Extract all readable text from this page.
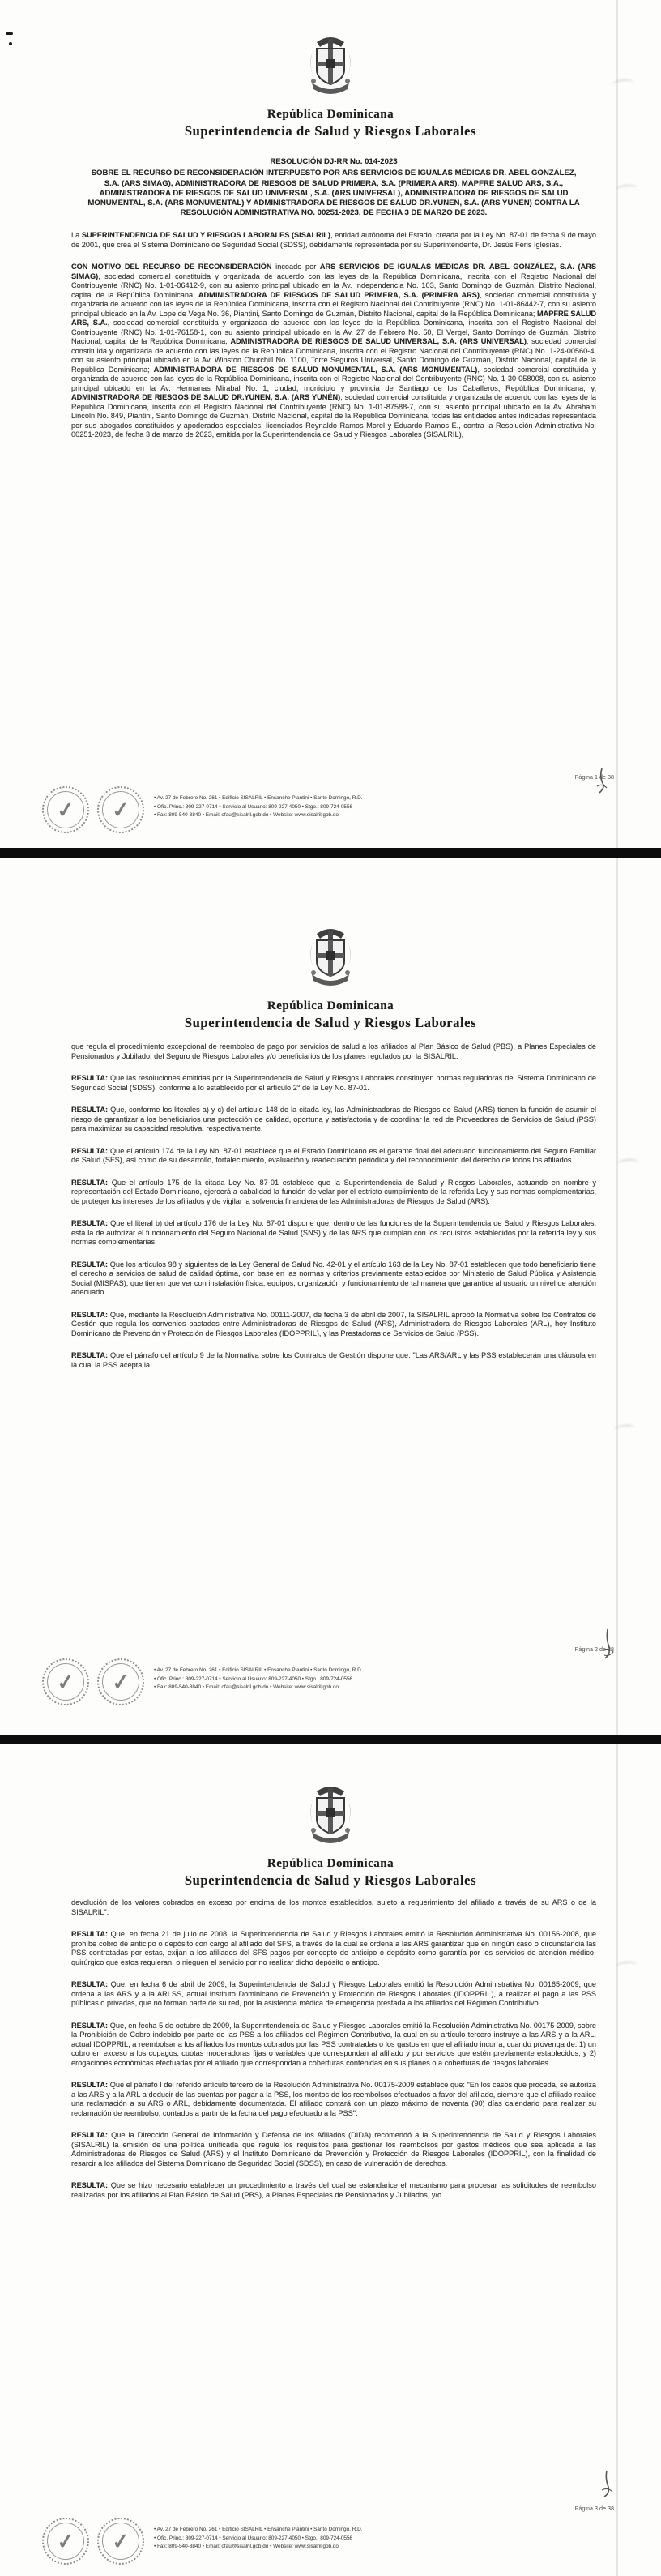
República Dominicana
Superintendencia de Salud y Riesgos Laborales

RESOLUCIÓN DJ-RR No. 014-2023

SOBRE EL RECURSO DE RECONSIDERACIÓN INTERPUESTO POR ARS SERVICIOS DE IGUALAS MÉDICAS DR. ABEL GONZÁLEZ, S.A. (ARS SIMAG), ADMINISTRADORA DE RIESGOS DE SALUD PRIMERA, S.A. (PRIMERA ARS), MAPFRE SALUD ARS, S.A., ADMINISTRADORA DE RIESGOS DE SALUD UNIVERSAL, S.A. (ARS UNIVERSAL), ADMINISTRADORA DE RIESGOS DE SALUD MONUMENTAL, S.A. (ARS MONUMENTAL) Y ADMINISTRADORA DE RIESGOS DE SALUD DR.YUNEN, S.A. (ARS YUNÉN) CONTRA LA RESOLUCIÓN ADMINISTRATIVA NO. 00251-2023, DE FECHA 3 DE MARZO DE 2023.

La SUPERINTENDENCIA DE SALUD Y RIESGOS LABORALES (SISALRIL), entidad autónoma del Estado, creada por la Ley No. 87-01 de fecha 9 de mayo de 2001, que crea el Sistema Dominicano de Seguridad Social (SDSS), debidamente representada por su Superintendente, Dr. Jesús Feris Iglesias.

CON MOTIVO DEL RECURSO DE RECONSIDERACIÓN incoado por ARS SERVICIOS DE IGUALAS MÉDICAS DR. ABEL GONZÁLEZ, S.A. (ARS SIMAG), sociedad comercial constituida y organizada de acuerdo con las leyes de la República Dominicana, inscrita con el Registro Nacional del Contribuyente (RNC) No. 1-01-06412-9, con su asiento principal ubicado en la Av. Independencia No. 103, Santo Domingo de Guzmán, Distrito Nacional, capital de la República Dominicana; ADMINISTRADORA DE RIESGOS DE SALUD PRIMERA, S.A. (PRIMERA ARS), sociedad comercial constituida y organizada de acuerdo con las leyes de la República Dominicana, inscrita con el Registro Nacional del Contribuyente (RNC) No. 1-01-86442-7, con su asiento principal ubicado en la Av. Lope de Vega No. 36, Piantini, Santo Domingo de Guzmán, Distrito Nacional, capital de la República Dominicana; MAPFRE SALUD ARS, S.A., sociedad comercial constituida y organizada de acuerdo con las leyes de la República Dominicana, inscrita con el Registro Nacional del Contribuyente (RNC) No. 1-01-76158-1, con su asiento principal ubicado en la Av. 27 de Febrero No. 50, El Vergel, Santo Domingo de Guzmán, Distrito Nacional, capital de la República Dominicana; ADMINISTRADORA DE RIESGOS DE SALUD UNIVERSAL, S.A. (ARS UNIVERSAL), sociedad comercial constituida y organizada de acuerdo con las leyes de la República Dominicana, inscrita con el Registro Nacional del Contribuyente (RNC) No. 1-24-00560-4, con su asiento principal ubicado en la Av. Winston Churchill No. 1100, Torre Seguros Universal, Santo Domingo de Guzmán, Distrito Nacional, capital de la República Dominicana; ADMINISTRADORA DE RIESGOS DE SALUD MONUMENTAL, S.A. (ARS MONUMENTAL), sociedad comercial constituida y organizada de acuerdo con las leyes de la República Dominicana, inscrita con el Registro Nacional del Contribuyente (RNC) No. 1-30-058008, con su asiento principal ubicado en la Av. Hermanas Mirabal No. 1, ciudad, municipio y provincia de Santiago de los Caballeros, República Dominicana; y, ADMINISTRADORA DE RIESGOS DE SALUD DR.YUNEN, S.A. (ARS YUNÉN), sociedad comercial constituida y organizada de acuerdo con las leyes de la República Dominicana, inscrita con el Registro Nacional del Contribuyente (RNC) No. 1-01-87588-7, con su asiento principal ubicado en la Av. Abraham Lincoln No. 849, Piantini, Santo Domingo de Guzmán, Distrito Nacional, capital de la República Dominicana, todas las entidades antes indicadas representada por sus abogados constituidos y apoderados especiales, licenciados Reynaldo Ramos Morel y Eduardo Ramos E., contra la Resolución Administrativa No. 00251-2023, de fecha 3 de marzo de 2023, emitida por la Superintendencia de Salud y Riesgos Laborales (SISALRIL),

Página 1 de 38
✓	✓	• Av. 27 de Febrero No. 261 • Edificio SISALRIL • Ensanche Piantini • Santo Domingo, R.D.
• Ofic. Princ.: 809-227-0714 • Servicio al Usuario: 809-227-4050 • Stgo.: 809-724-0556
• Fax: 809-540-3840 • Email: ofau@sisalril.gob.do • Website: www.sisalril.gob.do
República Dominicana
Superintendencia de Salud y Riesgos Laborales

que regula el procedimiento excepcional de reembolso de pago por servicios de salud a los afiliados al Plan Básico de Salud (PBS), a Planes Especiales de Pensionados y Jubilado, del Seguro de Riesgos Laborales y/o beneficiarios de los planes regulados por la SISALRIL.

RESULTA: Que las resoluciones emitidas por la Superintendencia de Salud y Riesgos Laborales constituyen normas reguladoras del Sistema Dominicano de Seguridad Social (SDSS), conforme a lo establecido por el artículo 2° de la Ley No. 87-01.

RESULTA: Que, conforme los literales a) y c) del artículo 148 de la citada ley, las Administradoras de Riesgos de Salud (ARS) tienen la función de asumir el riesgo de garantizar a los beneficiarios una protección de calidad, oportuna y satisfactoria y de coordinar la red de Proveedores de Servicios de Salud (PSS) para maximizar su capacidad resolutiva, respectivamente.

RESULTA: Que el artículo 174 de la Ley No. 87-01 establece que el Estado Dominicano es el garante final del adecuado funcionamiento del Seguro Familiar de Salud (SFS), así como de su desarrollo, fortalecimiento, evaluación y readecuación periódica y del reconocimiento del derecho de todos los afiliados.

RESULTA: Que el artículo 175 de la citada Ley No. 87-01 establece que la Superintendencia de Salud y Riesgos Laborales, actuando en nombre y representación del Estado Dominicano, ejercerá a cabalidad la función de velar por el estricto cumplimiento de la referida Ley y sus normas complementarias, de proteger los intereses de los afiliados y de vigilar la solvencia financiera de las Administradoras de Riesgos de Salud (ARS).

RESULTA: Que el literal b) del artículo 176 de la Ley No. 87-01 dispone que, dentro de las funciones de la Superintendencia de Salud y Riesgos Laborales, está la de autorizar el funcionamiento del Seguro Nacional de Salud (SNS) y de las ARS que cumplan con los requisitos establecidos por la referida ley y sus normas complementarias.

RESULTA: Que los artículos 98 y siguientes de la Ley General de Salud No. 42-01 y el artículo 163 de la Ley No. 87-01 establecen que todo beneficiario tiene el derecho a servicios de salud de calidad óptima, con base en las normas y criterios previamente establecidos por Ministerio de Salud Pública y Asistencia Social (MISPAS), que tienen que ver con instalación física, equipos, organización y funcionamiento de tal manera que garantice al usuario un nivel de atención adecuado.

RESULTA: Que, mediante la Resolución Administrativa No. 00111-2007, de fecha 3 de abril de 2007, la SISALRIL aprobó la Normativa sobre los Contratos de Gestión que regula los convenios pactados entre Administradoras de Riesgos de Salud (ARS), Administradora de Riesgos Laborales (ARL), hoy Instituto Dominicano de Prevención y Protección de Riesgos Laborales (IDOPPRIL), y las Prestadoras de Servicios de Salud (PSS).

RESULTA: Que el párrafo del artículo 9 de la Normativa sobre los Contratos de Gestión dispone que: "Las ARS/ARL y las PSS establecerán una cláusula en la cual la PSS acepta la

Página 2 de 38
✓	✓	• Av. 27 de Febrero No. 261 • Edificio SISALRIL • Ensanche Piantini • Santo Domingo, R.D.
• Ofic. Princ.: 809-227-0714 • Servicio al Usuario: 809-227-4050 • Stgo.: 809-724-0556
• Fax: 809-540-3840 • Email: ofau@sisalril.gob.do • Website: www.sisalril.gob.do
República Dominicana
Superintendencia de Salud y Riesgos Laborales

devolución de los valores cobrados en exceso por encima de los montos establecidos, sujeto a requerimiento del afiliado a través de su ARS o de la SISALRIL".

RESULTA: Que, en fecha 21 de julio de 2008, la Superintendencia de Salud y Riesgos Laborales emitió la Resolución Administrativa No. 00156-2008, que prohíbe cobro de anticipo o depósito con cargo al afiliado del SFS, a través de la cual se ordena a las ARS garantizar que en ningún caso o circunstancia las PSS contratadas por estas, exijan a los afiliados del SFS pagos por concepto de anticipo o depósito como garantía por los servicios de atención médico-quirúrgico que estos requieran, o nieguen el servicio por no realizar dicho depósito o anticipo.

RESULTA: Que, en fecha 6 de abril de 2009, la Superintendencia de Salud y Riesgos Laborales emitió la Resolución Administrativa No. 00165-2009, que ordena a las ARS y a la ARLSS, actual Instituto Dominicano de Prevención y Protección de Riesgos Laborales (IDOPPRIL), a realizar el pago a las PSS públicas o privadas, que no forman parte de su red, por la asistencia médica de emergencia prestada a los afiliados del Régimen Contributivo.

RESULTA: Que, en fecha 5 de octubre de 2009, la Superintendencia de Salud y Riesgos Laborales emitió la Resolución Administrativa No. 00175-2009, sobre la Prohibición de Cobro indebido por parte de las PSS a los afiliados del Régimen Contributivo, la cual en su artículo tercero instruye a las ARS y a la ARL, actual IDOPPRIL, a reembolsar a los afiliados los montos cobrados por las PSS contratadas o los gastos en que el afiliado incurra, cuando provenga de: 1) un cobro en exceso a los copagos, cuotas moderadoras fijas o variables que correspondan al afiliado y por servicios que estén previamente establecidos; y 2) erogaciones económicas efectuadas por el afiliado que correspondan a coberturas contenidas en sus planes o a coberturas de riesgos laborales.

RESULTA: Que el párrafo I del referido artículo tercero de la Resolución Administrativa No. 00175-2009 establece que: "En los casos que proceda, se autoriza a las ARS y a la ARL a deducir de las cuentas por pagar a la PSS, los montos de los reembolsos efectuados a favor del afiliado, siempre que el afiliado realice una reclamación a su ARS o ARL, debidamente documentada. El afiliado contará con un plazo máximo de noventa (90) días calendario para realizar su reclamación de reembolso, contados a partir de la fecha del pago efectuado a la PSS".

RESULTA: Que la Dirección General de Información y Defensa de los Afiliados (DIDA) recomendó a la Superintendencia de Salud y Riesgos Laborales (SISALRIL) la emisión de una política unificada que regule los requisitos para gestionar los reembolsos por gastos médicos que sea aplicada a las Administradoras de Riesgos de Salud (ARS) y el Instituto Dominicano de Prevención y Protección de Riesgos Laborales (IDOPPRIL), con la finalidad de resarcir a los afiliados del Sistema Dominicano de Seguridad Social (SDSS), en caso de vulneración de derechos.

RESULTA: Que se hizo necesario establecer un procedimiento a través del cual se estandarice el mecanismo para procesar las solicitudes de reembolso realizadas por los afiliados al Plan Básico de Salud (PBS), a Planes Especiales de Pensionados y Jubilados, y/o

Página 3 de 38
✓	✓	• Av. 27 de Febrero No. 261 • Edificio SISALRIL • Ensanche Piantini • Santo Domingo, R.D.
• Ofic. Princ.: 809-227-0714 • Servicio al Usuario: 809-227-4050 • Stgo.: 809-724-0556
• Fax: 809-540-3840 • Email: ofau@sisalril.gob.do • Website: www.sisalril.gob.do
